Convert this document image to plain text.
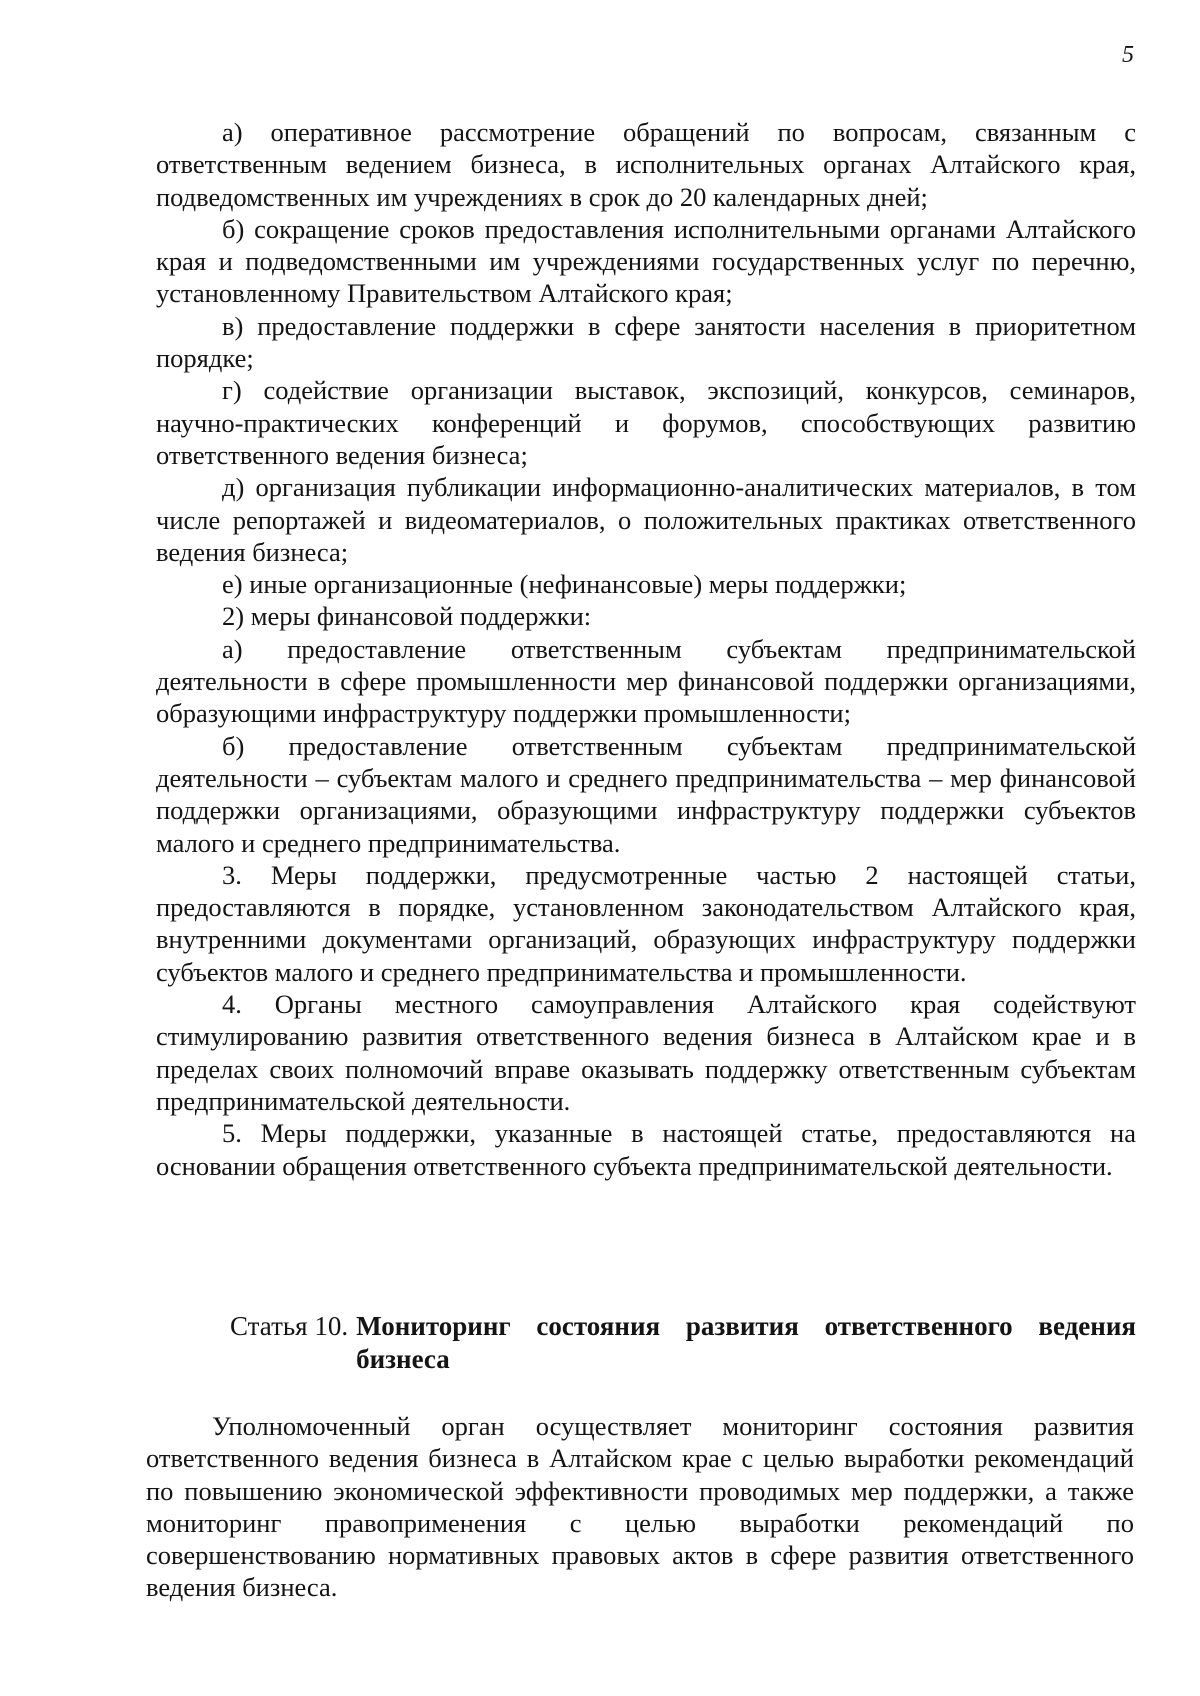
5

а) оперативное рассмотрение обращений по вопросам, связанным с ответственным ведением бизнеса, в исполнительных органах Алтайского края, подведомственных им учреждениях в срок до 20 календарных дней;

б) сокращение сроков предоставления исполнительными органами Алтайского края и подведомственными им учреждениями государственных услуг по перечню, установленному Правительством Алтайского края;

в) предоставление поддержки в сфере занятости населения в приоритетном порядке;

г) содействие организации выставок, экспозиций, конкурсов, семинаров, научно-практических конференций и форумов, способствующих развитию ответственного ведения бизнеса;

д) организация публикации информационно-аналитических материалов, в том числе репортажей и видеоматериалов, о положительных практиках ответственного ведения бизнеса;

е) иные организационные (нефинансовые) меры поддержки;

2) меры финансовой поддержки:

а) предоставление ответственным субъектам предпринимательской деятельности в сфере промышленности мер финансовой поддержки организациями, образующими инфраструктуру поддержки промышленности;

б) предоставление ответственным субъектам предпринимательской деятельности – субъектам малого и среднего предпринимательства – мер финансовой поддержки организациями, образующими инфраструктуру поддержки субъектов малого и среднего предпринимательства.

3. Меры поддержки, предусмотренные частью 2 настоящей статьи, предоставляются в порядке, установленном законодательством Алтайского края, внутренними документами организаций, образующих инфраструктуру поддержки субъектов малого и среднего предпринимательства и промышленности.

4. Органы местного самоуправления Алтайского края содействуют стимулированию развития ответственного ведения бизнеса в Алтайском крае и в пределах своих полномочий вправе оказывать поддержку ответственным субъектам предпринимательской деятельности.

5. Меры поддержки, указанные в настоящей статье, предоставляются на основании обращения ответственного субъекта предпринимательской деятельности.

Статья 10. Мониторинг состояния развития ответственного ведения бизнеса

Уполномоченный орган осуществляет мониторинг состояния развития ответственного ведения бизнеса в Алтайском крае с целью выработки рекомендаций по повышению экономической эффективности проводимых мер поддержки, а также мониторинг правоприменения с целью выработки рекомендаций по совершенствованию нормативных правовых актов в сфере развития ответственного ведения бизнеса.
